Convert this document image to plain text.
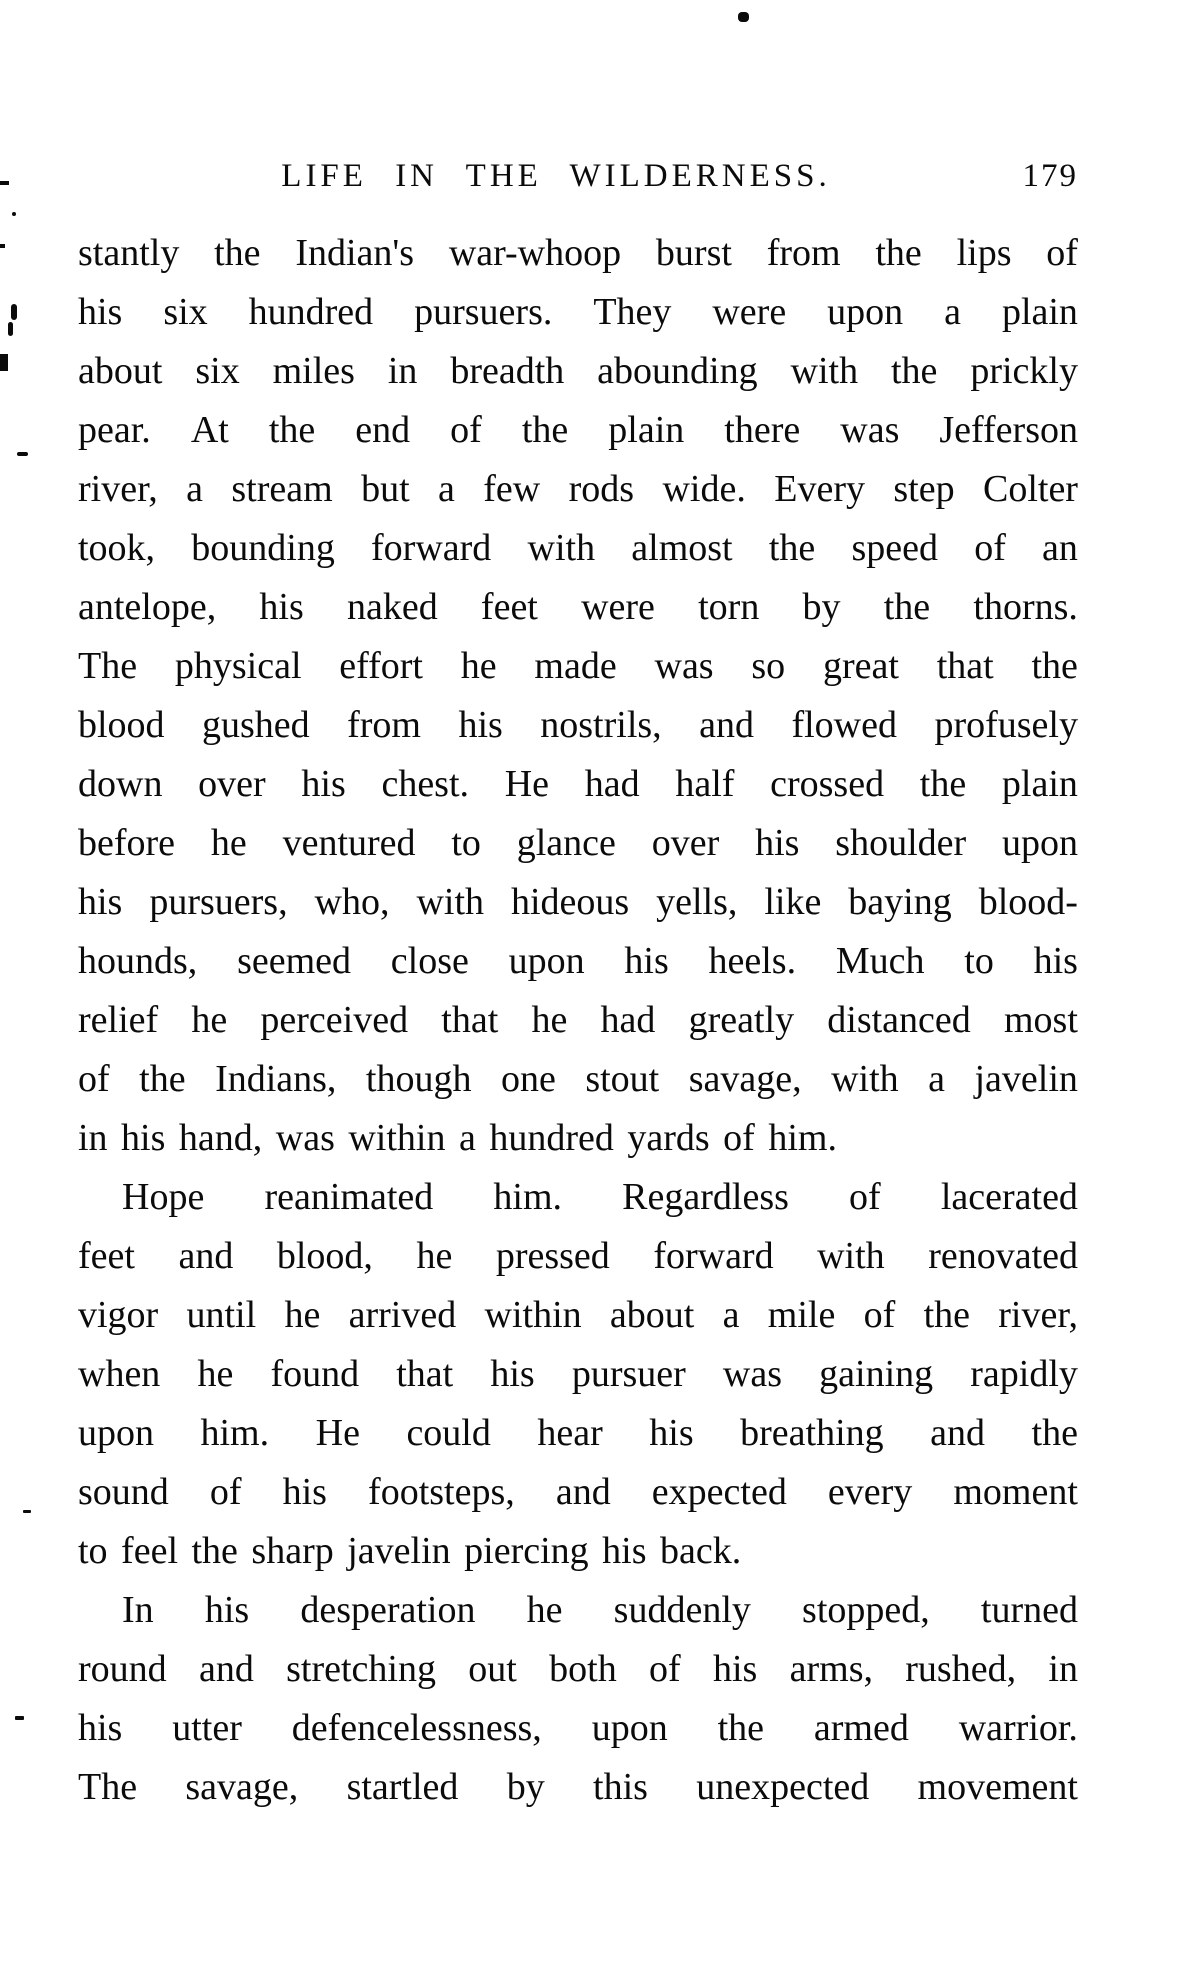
LIFE IN THE WILDERNESS.	179
stantly the Indian's war-whoop burst from the lips of
his six hundred pursuers. They were upon a plain
about six miles in breadth abounding with the prickly
pear. At the end of the plain there was Jefferson
river, a stream but a few rods wide. Every step Colter
took, bounding forward with almost the speed of an
antelope, his naked feet were torn by the thorns.
The physical effort he made was so great that the
blood gushed from his nostrils, and flowed profusely
down over his chest. He had half crossed the plain
before he ventured to glance over his shoulder upon
his pursuers, who, with hideous yells, like baying blood-
hounds, seemed close upon his heels. Much to his
relief he perceived that he had greatly distanced most
of the Indians, though one stout savage, with a javelin
in his hand, was within a hundred yards of him.
Hope reanimated him. Regardless of lacerated
feet and blood, he pressed forward with renovated
vigor until he arrived within about a mile of the river,
when he found that his pursuer was gaining rapidly
upon him. He could hear his breathing and the
sound of his footsteps, and expected every moment
to feel the sharp javelin piercing his back.
In his desperation he suddenly stopped, turned
round and stretching out both of his arms, rushed, in
his utter defencelessness, upon the armed warrior.
The savage, startled by this unexpected movement
